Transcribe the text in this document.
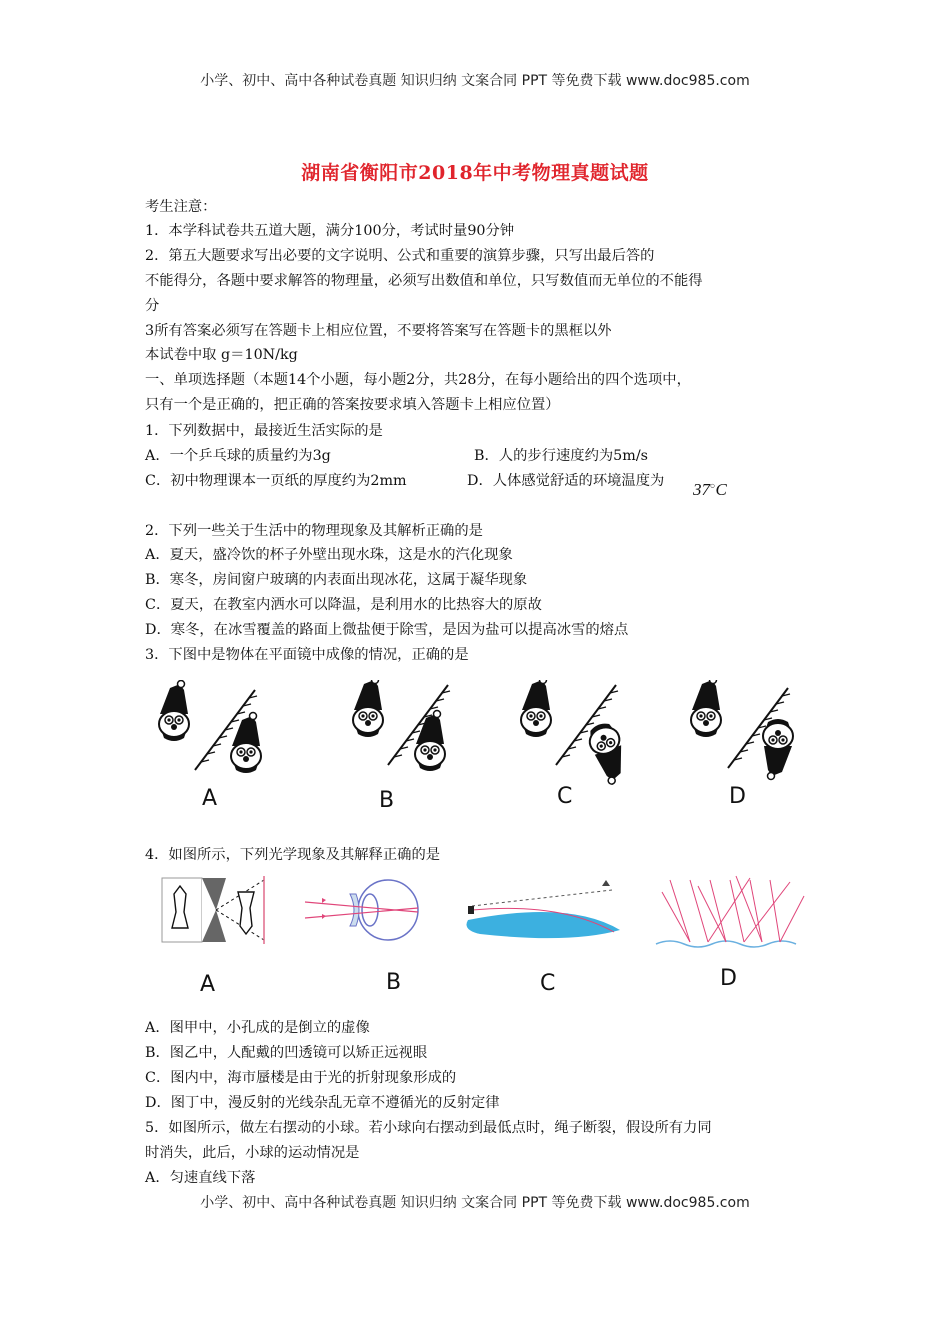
小学、初中、高中各种试卷真题 知识归纳 文案合同 PPT 等免费下载 www.doc985.com
湖南省衡阳市2018年中考物理真题试题
考生注意：
1．本学科试卷共五道大题，满分100分，考试时量90分钟
2．第五大题要求写出必要的文字说明、公式和重要的演算步骤，只写出最后答的
不能得分，各题中要求解答的物理量，必须写出数值和单位，只写数值而无单位的不能得
分
3所有答案必须写在答题卡上相应位置，不要将答案写在答题卡的黑框以外
本试卷中取 g＝10N/kg
一、单项选择题（本题14个小题，每小题2分，共28分，在每小题给出的四个选项中，
只有一个是正确的，把正确的答案按要求填入答题卡上相应位置）
1．下列数据中，最接近生活实际的是
A．一个乒乓球的质量约为3g	B．人的步行速度约为5m/s
C．初中物理课本一页纸的厚度约为2mm	D．人体感觉舒适的环境温度为 37○C
2．下列一些关于生活中的物理现象及其解析正确的是
A．夏天，盛冷饮的杯子外壁出现水珠，这是水的汽化现象
B．寒冬，房间窗户玻璃的内表面出现冰花，这属于凝华现象
C．夏天，在教室内洒水可以降温，是利用水的比热容大的原故
D．寒冬，在冰雪覆盖的路面上微盐便于除雪，是因为盐可以提高冰雪的熔点
3．下图中是物体在平面镜中成像的情况，正确的是
A	B	C	D
4．如图所示，下列光学现象及其解释正确的是
A	B	C	D
A．图甲中，小孔成的是倒立的虚像
B．图乙中，人配戴的凹透镜可以矫正远视眼
C．图内中，海市蜃楼是由于光的折射现象形成的
D．图丁中，漫反射的光线杂乱无章不遵循光的反射定律
5．如图所示，做左右摆动的小球。若小球向右摆动到最低点时，绳子断裂，假设所有力同
时消失，此后，小球的运动情况是
A．匀速直线下落
小学、初中、高中各种试卷真题 知识归纳 文案合同 PPT 等免费下载 www.doc985.com
